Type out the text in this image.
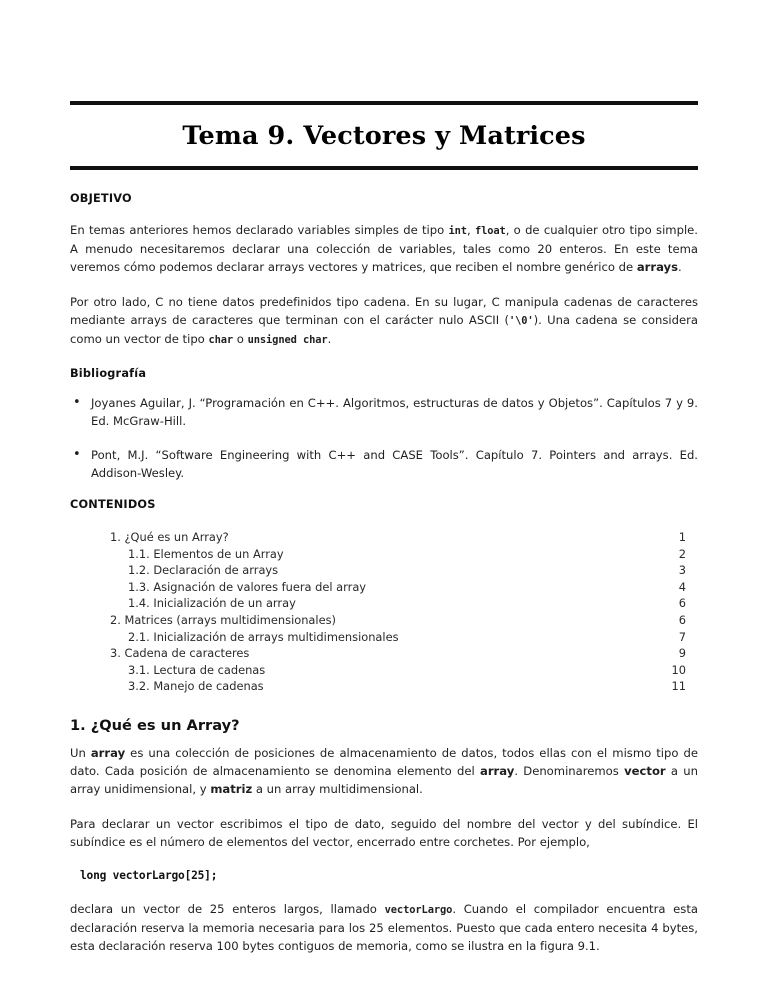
Tema 9. Vectores y Matrices
OBJETIVO

En temas anteriores hemos declarado variables simples de tipo int, float, o de cualquier otro tipo simple. A menudo necesitaremos declarar una colección de variables, tales como 20 enteros. En este tema veremos cómo podemos declarar arrays vectores y matrices, que reciben el nombre genérico de arrays.

Por otro lado, C no tiene datos predefinidos tipo cadena. En su lugar, C manipula cadenas de caracteres mediante arrays de caracteres que terminan con el carácter nulo ASCII ('\0'). Una cadena se considera como un vector de tipo char o unsigned char.

Bibliografía
• Joyanes Aguilar, J. “Programación en C++. Algoritmos, estructuras de datos y Objetos”. Capítulos 7 y 9. Ed. McGraw-Hill.
• Pont, M.J. “Software Engineering with C++ and CASE Tools”. Capítulo 7. Pointers and arrays. Ed. Addison-Wesley.
CONTENIDOS
1. ¿Qué es un Array?	1
1.1. Elementos de un Array	2
1.2. Declaración de arrays	3
1.3. Asignación de valores fuera del array	4
1.4. Inicialización de un array	6
2. Matrices (arrays multidimensionales)	6
2.1. Inicialización de arrays multidimensionales	7
3. Cadena de caracteres	9
3.1. Lectura de cadenas	10
3.2. Manejo de cadenas	11
1. ¿Qué es un Array?

Un array es una colección de posiciones de almacenamiento de datos, todos ellas con el mismo tipo de dato. Cada posición de almacenamiento se denomina elemento del array. Denominaremos vector a un array unidimensional, y matriz a un array multidimensional.

Para declarar un vector escribimos el tipo de dato, seguido del nombre del vector y del subíndice. El subíndice es el número de elementos del vector, encerrado entre corchetes. Por ejemplo,

long vectorLargo[25];

declara un vector de 25 enteros largos, llamado vectorLargo. Cuando el compilador encuentra esta declaración reserva la memoria necesaria para los 25 elementos. Puesto que cada entero necesita 4 bytes, esta declaración reserva 100 bytes contiguos de memoria, como se ilustra en la figura 9.1.
